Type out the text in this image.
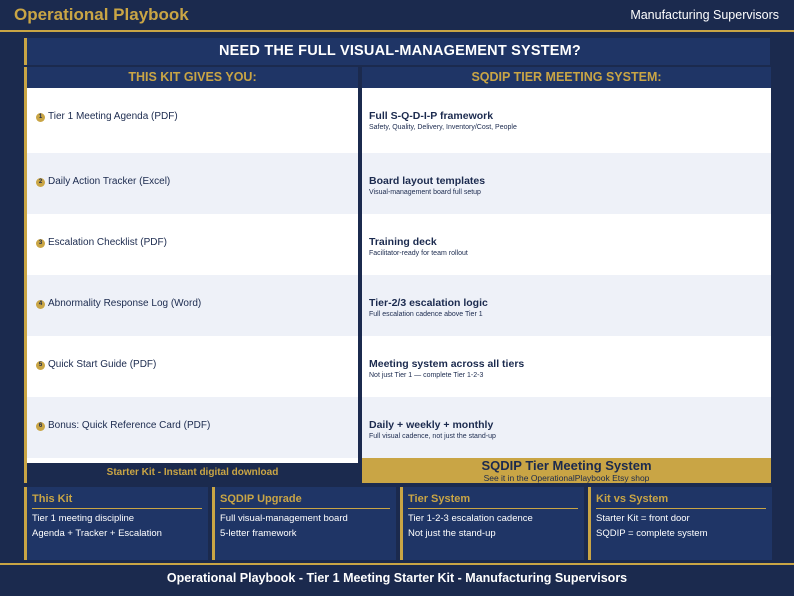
Operational Playbook	Manufacturing Supervisors
NEED THE FULL VISUAL-MANAGEMENT SYSTEM?
THIS KIT GIVES YOU:
1 Tier 1 Meeting Agenda (PDF)
2 Daily Action Tracker (Excel)
3 Escalation Checklist (PDF)
4 Abnormality Response Log (Word)
5 Quick Start Guide (PDF)
6 Bonus: Quick Reference Card (PDF)
Starter Kit - Instant digital download
SQDIP TIER MEETING SYSTEM:
Full S-Q-D-I-P framework
Safety, Quality, Delivery, Inventory/Cost, People
Board layout templates
Visual-management board full setup
Training deck
Facilitator-ready for team rollout
Tier-2/3 escalation logic
Full escalation cadence above Tier 1
Meeting system across all tiers
Not just Tier 1 — complete Tier 1-2-3
Daily + weekly + monthly
Full visual cadence, not just the stand-up
SQDIP Tier Meeting System
See it in the OperationalPlaybook Etsy shop
This Kit
Tier 1 meeting discipline
Agenda + Tracker + Escalation
SQDIP Upgrade
Full visual-management board
5-letter framework
Tier System
Tier 1-2-3 escalation cadence
Not just the stand-up
Kit vs System
Starter Kit = front door
SQDIP = complete system
Operational Playbook - Tier 1 Meeting Starter Kit - Manufacturing Supervisors
